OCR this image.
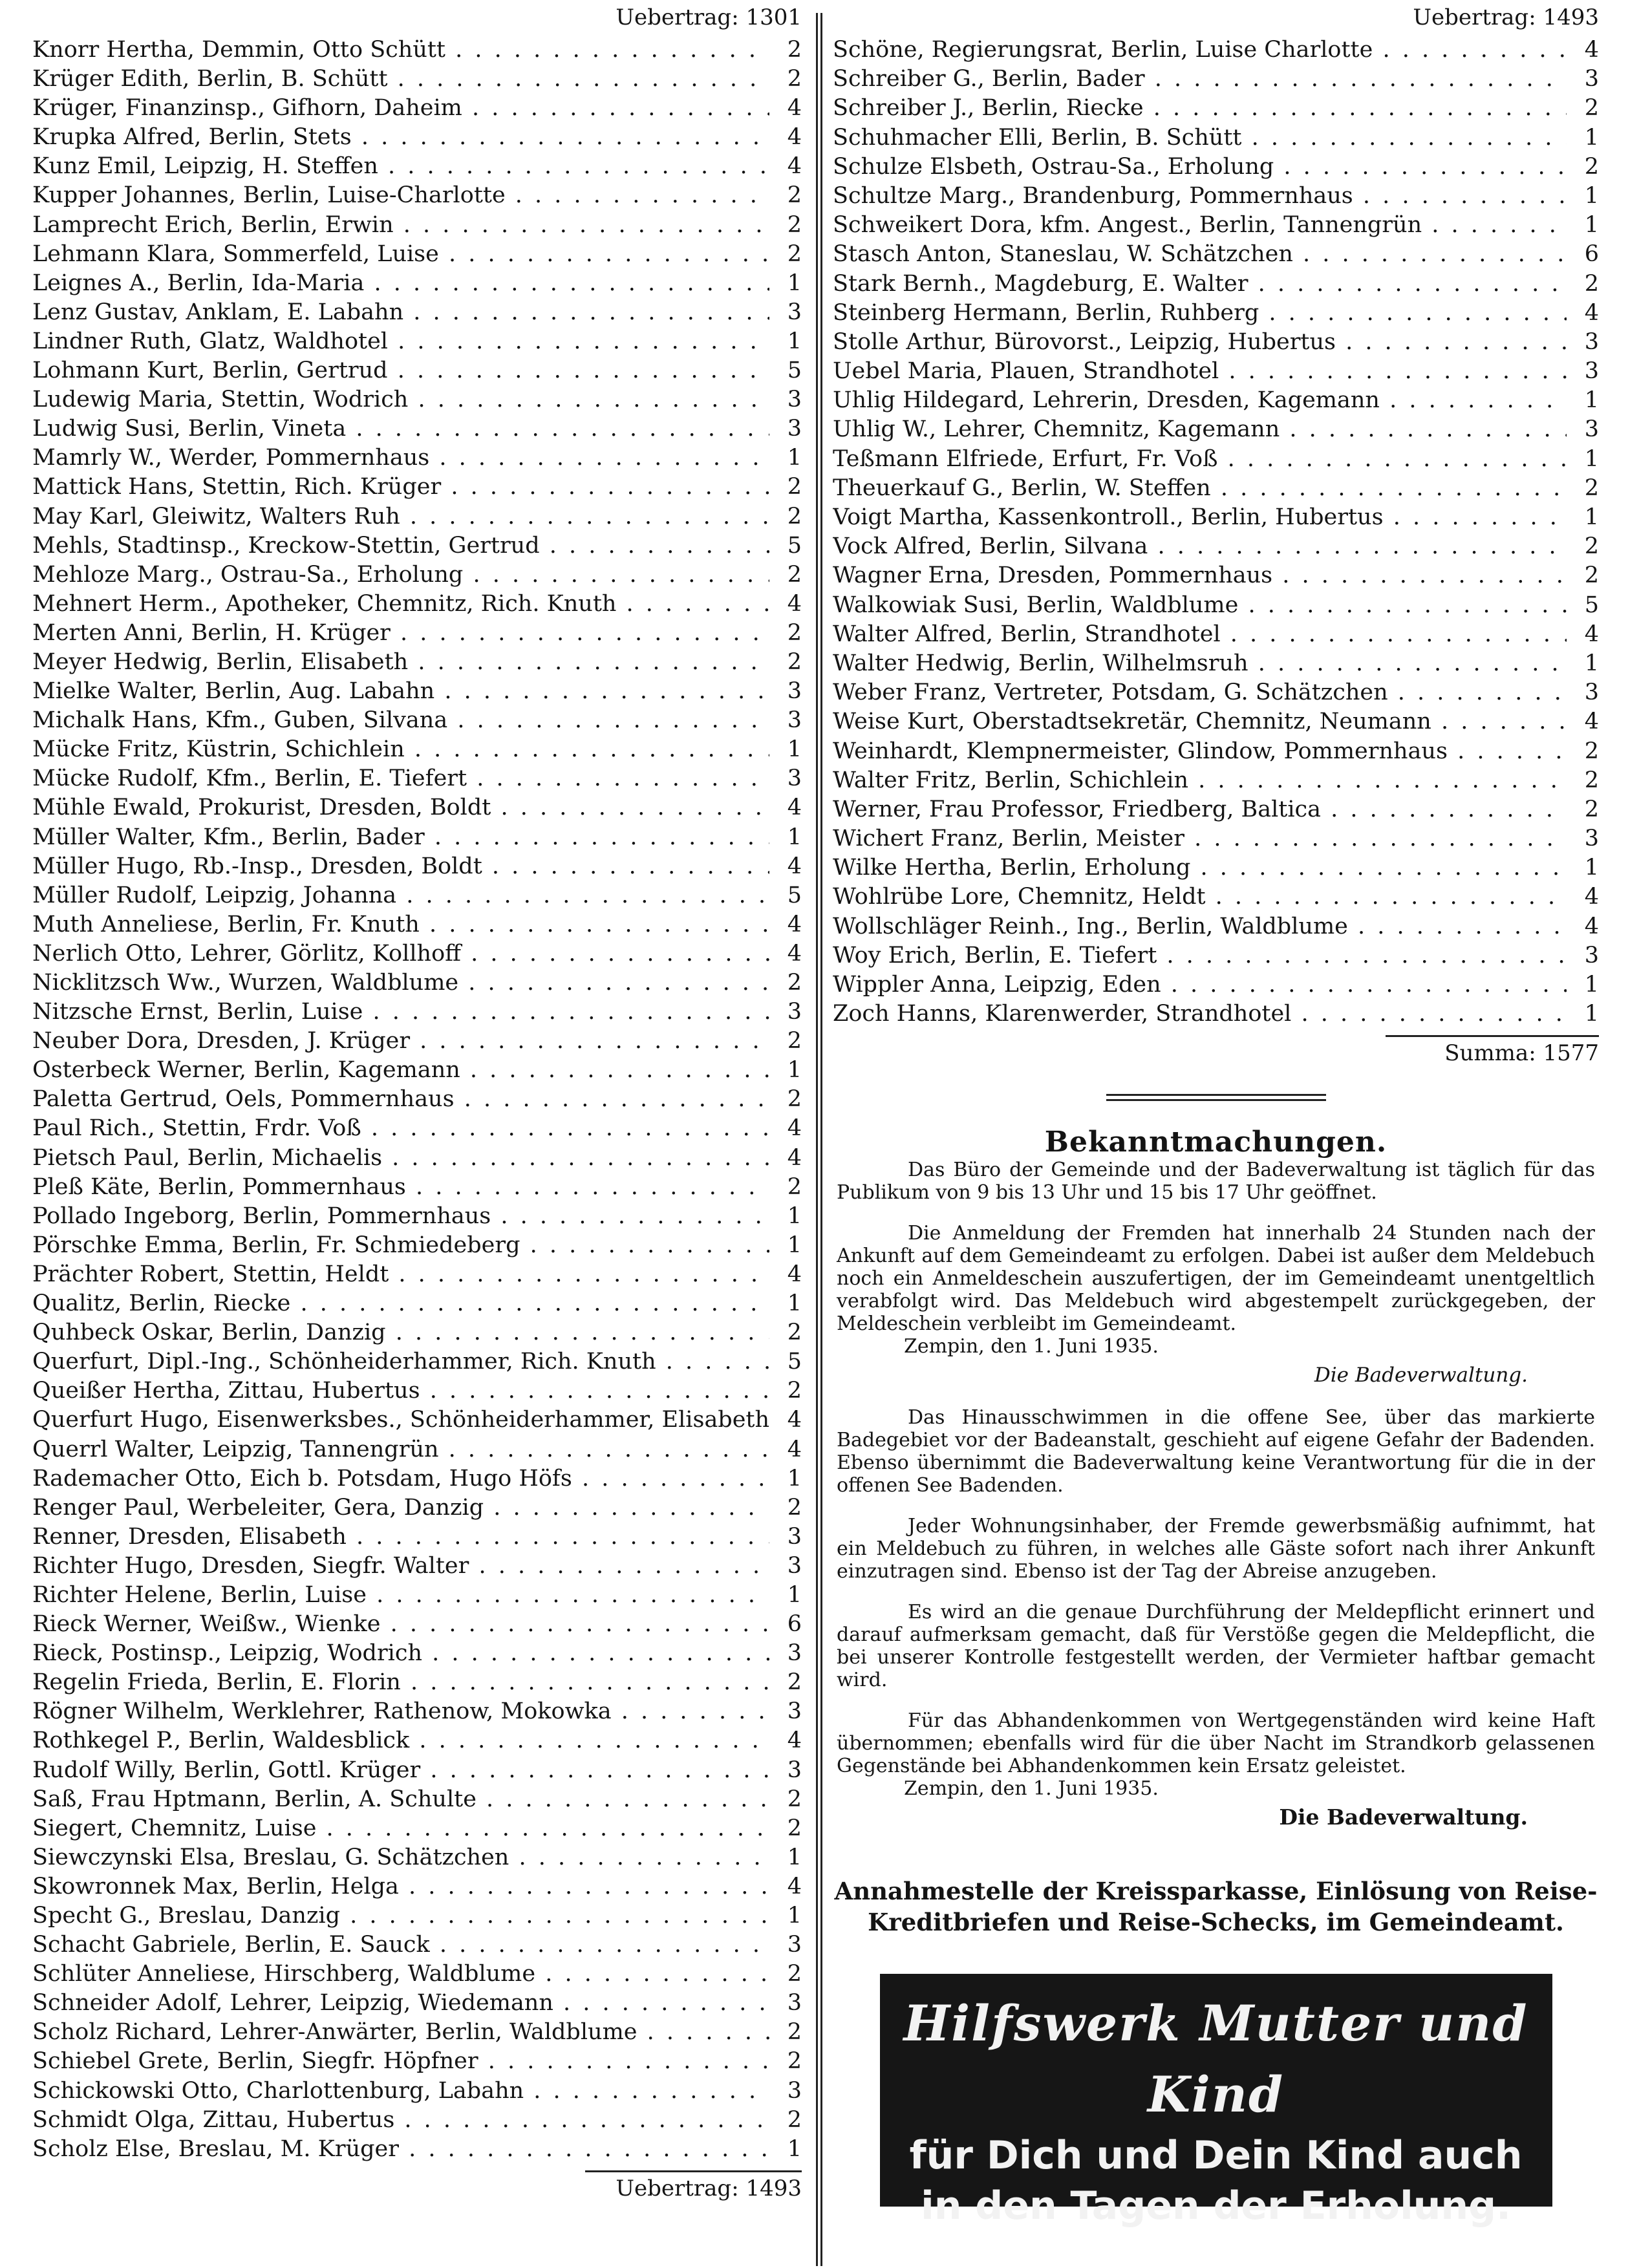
Uebertrag: 1301
Knorr Hertha, Demmin, Otto Schütt . . .	2
Krüger Edith, Berlin, B. Schütt . . .	2
Krüger, Finanzinsp., Gifhorn, Daheim . . .	4
Krupka Alfred, Berlin, Stets . . .	4
Kunz Emil, Leipzig, H. Steffen . . .	4
Kupper Johannes, Berlin, Luise-Charlotte . . .	2
Lamprecht Erich, Berlin, Erwin . . .	2
Lehmann Klara, Sommerfeld, Luise . . .	2
Leignes A., Berlin, Ida-Maria . . .	1
Lenz Gustav, Anklam, E. Labahn . . .	3
Lindner Ruth, Glatz, Waldhotel . . .	1
Lohmann Kurt, Berlin, Gertrud . . .	5
Ludewig Maria, Stettin, Wodrich . . .	3
Ludwig Susi, Berlin, Vineta . . .	3
Mamrly W., Werder, Pommernhaus . . .	1
Mattick Hans, Stettin, Rich. Krüger . . .	2
May Karl, Gleiwitz, Walters Ruh . . .	2
Mehls, Stadtinsp., Kreckow-Stettin, Gertrud . . .	5
Mehloze Marg., Ostrau-Sa., Erholung . . .	2
Mehnert Herm., Apotheker, Chemnitz, Rich. Knuth . . .	4
Merten Anni, Berlin, H. Krüger . . .	2
Meyer Hedwig, Berlin, Elisabeth . . .	2
Mielke Walter, Berlin, Aug. Labahn . . .	3
Michalk Hans, Kfm., Guben, Silvana . . .	3
Mücke Fritz, Küstrin, Schichlein . . .	1
Mücke Rudolf, Kfm., Berlin, E. Tiefert . . .	3
Mühle Ewald, Prokurist, Dresden, Boldt . . .	4
Müller Walter, Kfm., Berlin, Bader . . .	1
Müller Hugo, Rb.-Insp., Dresden, Boldt . . .	4
Müller Rudolf, Leipzig, Johanna . . .	5
Muth Anneliese, Berlin, Fr. Knuth . . .	4
Nerlich Otto, Lehrer, Görlitz, Kollhoff . . .	4
Nicklitzsch Ww., Wurzen, Waldblume . . .	2
Nitzsche Ernst, Berlin, Luise . . .	3
Neuber Dora, Dresden, J. Krüger . . .	2
Osterbeck Werner, Berlin, Kagemann . . .	1
Paletta Gertrud, Oels, Pommernhaus . . .	2
Paul Rich., Stettin, Frdr. Voß . . .	4
Pietsch Paul, Berlin, Michaelis . . .	4
Pleß Käte, Berlin, Pommernhaus . . .	2
Pollado Ingeborg, Berlin, Pommernhaus . . .	1
Pörschke Emma, Berlin, Fr. Schmiedeberg . . .	1
Prächter Robert, Stettin, Heldt . . .	4
Qualitz, Berlin, Riecke . . .	1
Quhbeck Oskar, Berlin, Danzig . . .	2
Querfurt, Dipl.-Ing., Schönheiderhammer, Rich. Knuth . . .	5
Queißer Hertha, Zittau, Hubertus . . .	2
Querfurt Hugo, Eisenwerksbes., Schönheiderhammer, Elisabeth . . . 4
Querrl Walter, Leipzig, Tannengrün . . .	4
Rademacher Otto, Eich b. Potsdam, Hugo Höfs . . .	1
Renger Paul, Werbeleiter, Gera, Danzig . . .	2
Renner, Dresden, Elisabeth . . .	3
Richter Hugo, Dresden, Siegfr. Walter . . .	3
Richter Helene, Berlin, Luise . . .	1
Rieck Werner, Weißw., Wienke . . .	6
Rieck, Postinsp., Leipzig, Wodrich . . .	3
Regelin Frieda, Berlin, E. Florin . . .	2
Rögner Wilhelm, Werklehrer, Rathenow, Mokowka . . .	3
Rothkegel P., Berlin, Waldesblick . . .	4
Rudolf Willy, Berlin, Gottl. Krüger . . .	3
Saß, Frau Hptmann, Berlin, A. Schulte . . .	2
Siegert, Chemnitz, Luise . . .	2
Siewczynski Elsa, Breslau, G. Schätzchen . . .	1
Skowronnek Max, Berlin, Helga . . .	4
Specht G., Breslau, Danzig . . .	1
Schacht Gabriele, Berlin, E. Sauck . . .	3
Schlüter Anneliese, Hirschberg, Waldblume . . .	2
Schneider Adolf, Lehrer, Leipzig, Wiedemann . . .	3
Scholz Richard, Lehrer-Anwärter, Berlin, Waldblume . . .	2
Schiebel Grete, Berlin, Siegfr. Höpfner . . .	2
Schickowski Otto, Charlottenburg, Labahn . . .	3
Schmidt Olga, Zittau, Hubertus . . .	2
Scholz Else, Breslau, M. Krüger . . .	1
Uebertrag: 1493
Uebertrag: 1493
Schöne, Regierungsrat, Berlin, Luise Charlotte . . .	4
Schreiber G., Berlin, Bader . . .	3
Schreiber J., Berlin, Riecke . . .	2
Schuhmacher Elli, Berlin, B. Schütt . . .	1
Schulze Elsbeth, Ostrau-Sa., Erholung . . .	2
Schultze Marg., Brandenburg, Pommernhaus . . .	1
Schweikert Dora, kfm. Angest., Berlin, Tannengrün . . .	1
Stasch Anton, Staneslau, W. Schätzchen . . .	6
Stark Bernh., Magdeburg, E. Walter . . .	2
Steinberg Hermann, Berlin, Ruhberg . . .	4
Stolle Arthur, Bürovorst., Leipzig, Hubertus . . .	3
Uebel Maria, Plauen, Strandhotel . . .	3
Uhlig Hildegard, Lehrerin, Dresden, Kagemann . . .	1
Uhlig W., Lehrer, Chemnitz, Kagemann . . .	3
Teßmann Elfriede, Erfurt, Fr. Voß . . .	1
Theuerkauf G., Berlin, W. Steffen . . .	2
Voigt Martha, Kassenkontroll., Berlin, Hubertus . . .	1
Vock Alfred, Berlin, Silvana . . .	2
Wagner Erna, Dresden, Pommernhaus . . .	2
Walkowiak Susi, Berlin, Waldblume . . .	5
Walter Alfred, Berlin, Strandhotel . . .	4
Walter Hedwig, Berlin, Wilhelmsruh . . .	1
Weber Franz, Vertreter, Potsdam, G. Schätzchen . . .	3
Weise Kurt, Oberstadtsekretär, Chemnitz, Neumann . . .	4
Weinhardt, Klempnermeister, Glindow, Pommernhaus . . .	2
Walter Fritz, Berlin, Schichlein . . .	2
Werner, Frau Professor, Friedberg, Baltica . . .	2
Wichert Franz, Berlin, Meister . . .	3
Wilke Hertha, Berlin, Erholung . . .	1
Wohlrübe Lore, Chemnitz, Heldt . . .	4
Wollschläger Reinh., Ing., Berlin, Waldblume . . .	4
Woy Erich, Berlin, E. Tiefert . . .	3
Wippler Anna, Leipzig, Eden . . .	1
Zoch Hanns, Klarenwerder, Strandhotel . . .	1
Summa: 1577
Bekanntmachungen.

Das Büro der Gemeinde und der Badeverwaltung ist täglich für das Publikum von 9 bis 13 Uhr und 15 bis 17 Uhr geöffnet.

Die Anmeldung der Fremden hat innerhalb 24 Stunden nach der Ankunft auf dem Gemeindeamt zu erfolgen. Dabei ist außer dem Meldebuch noch ein Anmeldeschein auszufertigen, der im Gemeindeamt unentgeltlich verabfolgt wird. Das Meldebuch wird abgestempelt zurückgegeben, der Meldeschein verbleibt im Gemeindeamt.

Zempin, den 1. Juni 1935.
Die Badeverwaltung.

Das Hinausschwimmen in die offene See, über das markierte Badegebiet vor der Badeanstalt, geschieht auf eigene Gefahr der Badenden. Ebenso übernimmt die Badeverwaltung keine Verantwortung für die in der offenen See Badenden.

Jeder Wohnungsinhaber, der Fremde gewerbsmäßig aufnimmt, hat ein Meldebuch zu führen, in welches alle Gäste sofort nach ihrer Ankunft einzutragen sind. Ebenso ist der Tag der Abreise anzugeben.

Es wird an die genaue Durchführung der Meldepflicht erinnert und darauf aufmerksam gemacht, daß für Verstöße gegen die Meldepflicht, die bei unserer Kontrolle festgestellt werden, der Vermieter haftbar gemacht wird.

Für das Abhandenkommen von Wertgegenständen wird keine Haft übernommen; ebenfalls wird für die über Nacht im Strandkorb gelassenen Gegenstände bei Abhandenkommen kein Ersatz geleistet.

Zempin, den 1. Juni 1935.
Die Badeverwaltung.
Annahmestelle der Kreissparkasse, Einlösung von Reise-Kreditbriefen und Reise-Schecks, im Gemeindeamt.
Hilfswerk Mutter und Kind
für Dich und Dein Kind auch
in den Tagen der Erholung.
